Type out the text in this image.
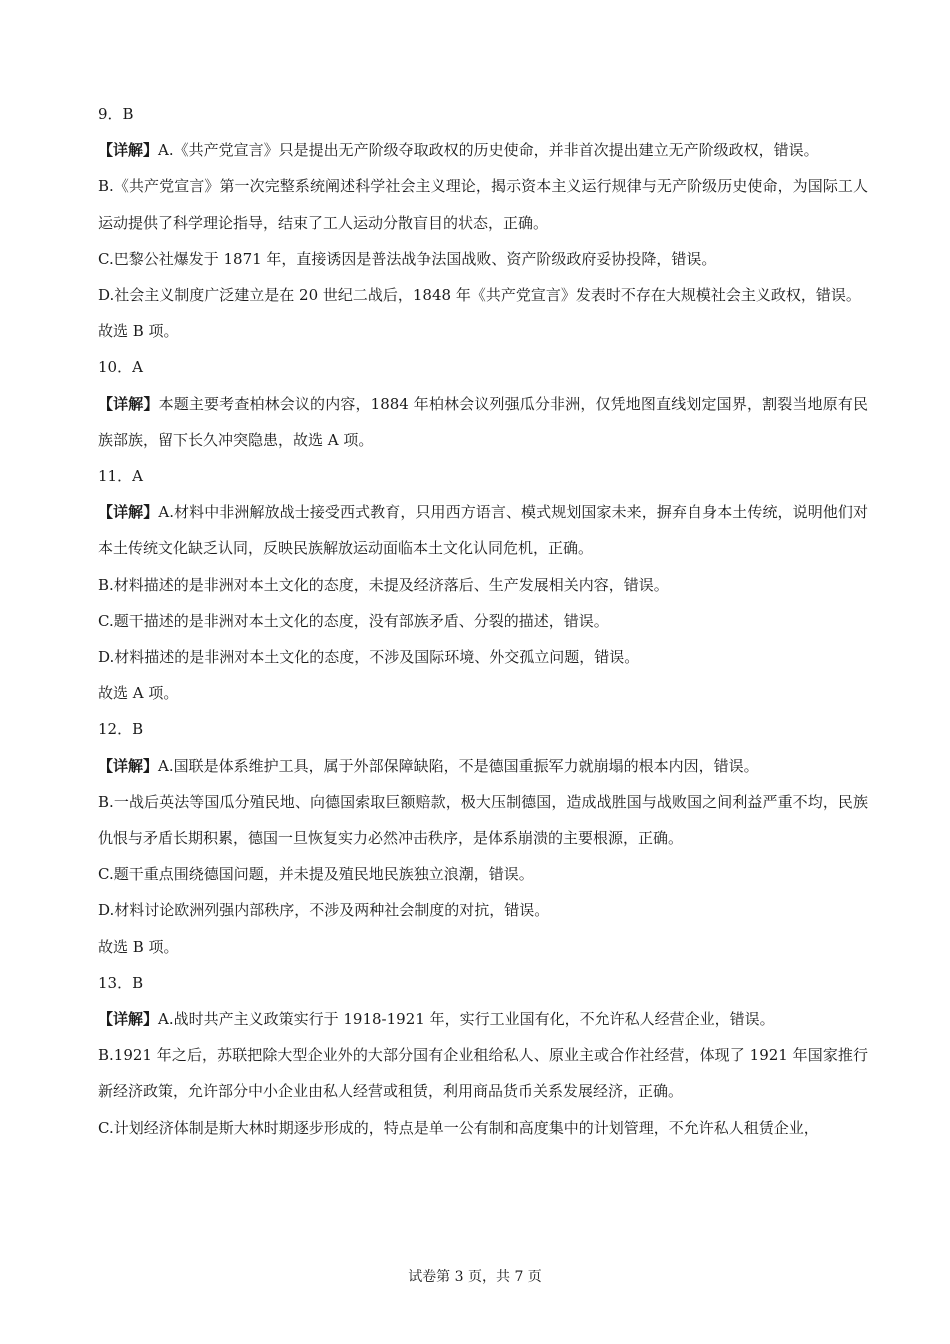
9．B

【详解】A.《共产党宣言》只是提出无产阶级夺取政权的历史使命，并非首次提出建立无产阶级政权，错误。

B.《共产党宣言》第一次完整系统阐述科学社会主义理论，揭示资本主义运行规律与无产阶级历史使命，为国际工人运动提供了科学理论指导，结束了工人运动分散盲目的状态，正确。

C.巴黎公社爆发于 1871 年，直接诱因是普法战争法国战败、资产阶级政府妥协投降，错误。

D.社会主义制度广泛建立是在 20 世纪二战后，1848 年《共产党宣言》发表时不存在大规模社会主义政权，错误。

故选 B 项。

10．A

【详解】本题主要考查柏林会议的内容，1884 年柏林会议列强瓜分非洲，仅凭地图直线划定国界，割裂当地原有民族部族，留下长久冲突隐患，故选 A 项。

11．A

【详解】A.材料中非洲解放战士接受西式教育，只用西方语言、模式规划国家未来，摒弃自身本土传统，说明他们对本土传统文化缺乏认同，反映民族解放运动面临本土文化认同危机，正确。

B.材料描述的是非洲对本土文化的态度，未提及经济落后、生产发展相关内容，错误。

C.题干描述的是非洲对本土文化的态度，没有部族矛盾、分裂的描述，错误。

D.材料描述的是非洲对本土文化的态度，不涉及国际环境、外交孤立问题，错误。

故选 A 项。

12．B

【详解】A.国联是体系维护工具，属于外部保障缺陷，不是德国重振军力就崩塌的根本内因，错误。

B.一战后英法等国瓜分殖民地、向德国索取巨额赔款，极大压制德国，造成战胜国与战败国之间利益严重不均，民族仇恨与矛盾长期积累，德国一旦恢复实力必然冲击秩序，是体系崩溃的主要根源，正确。

C.题干重点围绕德国问题，并未提及殖民地民族独立浪潮，错误。

D.材料讨论欧洲列强内部秩序，不涉及两种社会制度的对抗，错误。

故选 B 项。

13．B

【详解】A.战时共产主义政策实行于 1918-1921 年，实行工业国有化，不允许私人经营企业，错误。

B.1921 年之后，苏联把除大型企业外的大部分国有企业租给私人、原业主或合作社经营，体现了 1921 年国家推行新经济政策，允许部分中小企业由私人经营或租赁，利用商品货币关系发展经济，正确。

C.计划经济体制是斯大林时期逐步形成的，特点是单一公有制和高度集中的计划管理，不允许私人租赁企业，

试卷第 3 页，共 7 页
